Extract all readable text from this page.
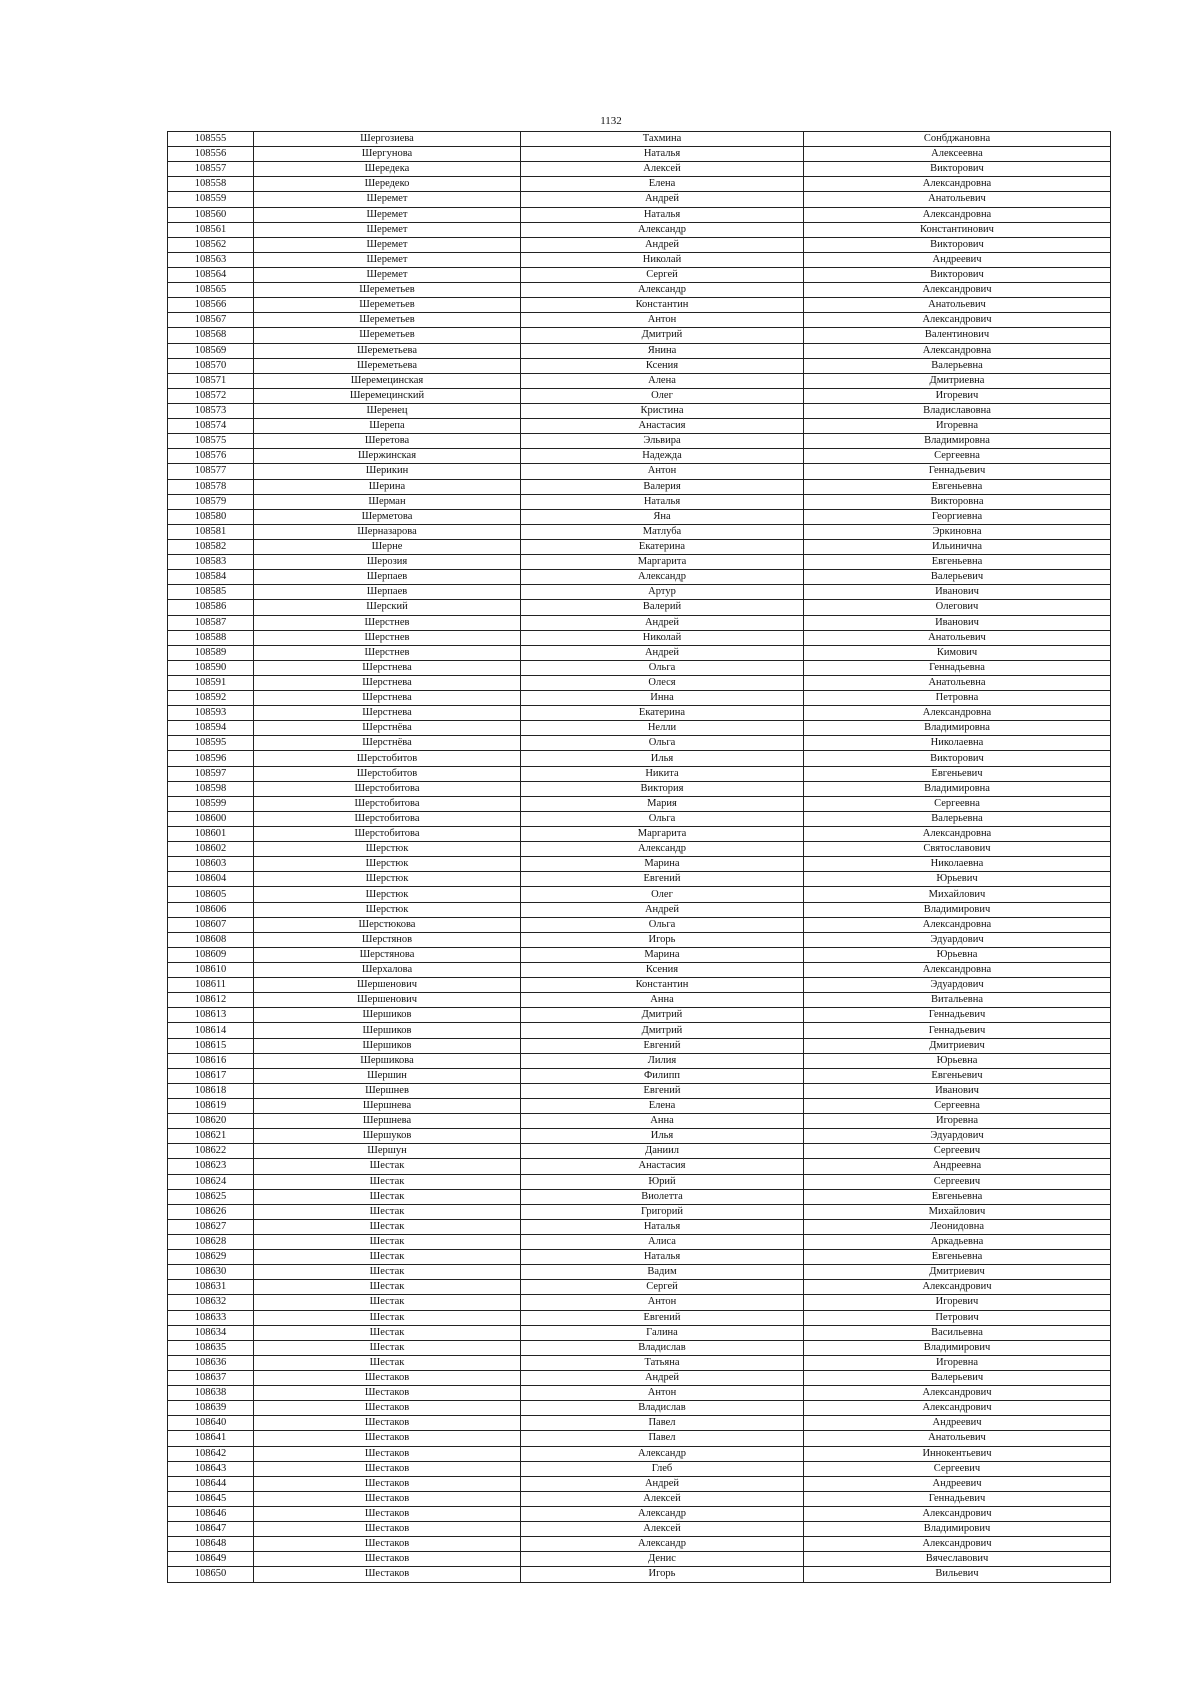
1132
108555	Шергозиева	Тахмина	Сонбджановна
108556	Шергунова	Наталья	Алексеевна
108557	Шередека	Алексей	Викторович
108558	Шередеко	Елена	Александровна
108559	Шеремет	Андрей	Анатольевич
108560	Шеремет	Наталья	Александровна
108561	Шеремет	Александр	Константинович
108562	Шеремет	Андрей	Викторович
108563	Шеремет	Николай	Андреевич
108564	Шеремет	Сергей	Викторович
108565	Шереметьев	Александр	Александрович
108566	Шереметьев	Константин	Анатольевич
108567	Шереметьев	Антон	Александрович
108568	Шереметьев	Дмитрий	Валентинович
108569	Шереметьева	Янина	Александровна
108570	Шереметьева	Ксения	Валерьевна
108571	Шеремецинская	Алена	Дмитриевна
108572	Шеремецинский	Олег	Игоревич
108573	Шеренец	Кристина	Владиславовна
108574	Шерепа	Анастасия	Игоревна
108575	Шеретова	Эльвира	Владимировна
108576	Шержинская	Надежда	Сергеевна
108577	Шерикин	Антон	Геннадьевич
108578	Шерина	Валерия	Евгеньевна
108579	Шерман	Наталья	Викторовна
108580	Шерметова	Яна	Георгиевна
108581	Шерназарова	Матлуба	Эркиновна
108582	Шерне	Екатерина	Ильинична
108583	Шерозия	Маргарита	Евгеньевна
108584	Шерпаев	Александр	Валерьевич
108585	Шерпаев	Артур	Иванович
108586	Шерский	Валерий	Олегович
108587	Шерстнев	Андрей	Иванович
108588	Шерстнев	Николай	Анатольевич
108589	Шерстнев	Андрей	Кимович
108590	Шерстнева	Ольга	Геннадьевна
108591	Шерстнева	Олеся	Анатольевна
108592	Шерстнева	Инна	Петровна
108593	Шерстнева	Екатерина	Александровна
108594	Шерстнёва	Нелли	Владимировна
108595	Шерстнёва	Ольга	Николаевна
108596	Шерстобитов	Илья	Викторович
108597	Шерстобитов	Никита	Евгеньевич
108598	Шерстобитова	Виктория	Владимировна
108599	Шерстобитова	Мария	Сергеевна
108600	Шерстобитова	Ольга	Валерьевна
108601	Шерстобитова	Маргарита	Александровна
108602	Шерстюк	Александр	Святославович
108603	Шерстюк	Марина	Николаевна
108604	Шерстюк	Евгений	Юрьевич
108605	Шерстюк	Олег	Михайлович
108606	Шерстюк	Андрей	Владимирович
108607	Шерстюкова	Ольга	Александровна
108608	Шерстянов	Игорь	Эдуардович
108609	Шерстянова	Марина	Юрьевна
108610	Шерхалова	Ксения	Александровна
108611	Шершенович	Константин	Эдуардович
108612	Шершенович	Анна	Витальевна
108613	Шершиков	Дмитрий	Геннадьевич
108614	Шершиков	Дмитрий	Геннадьевич
108615	Шершиков	Евгений	Дмитриевич
108616	Шершикова	Лилия	Юрьевна
108617	Шершин	Филипп	Евгеньевич
108618	Шершнев	Евгений	Иванович
108619	Шершнева	Елена	Сергеевна
108620	Шершнева	Анна	Игоревна
108621	Шершуков	Илья	Эдуардович
108622	Шершун	Даниил	Сергеевич
108623	Шестак	Анастасия	Андреевна
108624	Шестак	Юрий	Сергеевич
108625	Шестак	Виолетта	Евгеньевна
108626	Шестак	Григорий	Михайлович
108627	Шестак	Наталья	Леонидовна
108628	Шестак	Алиса	Аркадьевна
108629	Шестак	Наталья	Евгеньевна
108630	Шестак	Вадим	Дмитриевич
108631	Шестак	Сергей	Александрович
108632	Шестак	Антон	Игоревич
108633	Шестак	Евгений	Петрович
108634	Шестак	Галина	Васильевна
108635	Шестак	Владислав	Владимирович
108636	Шестак	Татьяна	Игоревна
108637	Шестаков	Андрей	Валерьевич
108638	Шестаков	Антон	Александрович
108639	Шестаков	Владислав	Александрович
108640	Шестаков	Павел	Андреевич
108641	Шестаков	Павел	Анатольевич
108642	Шестаков	Александр	Иннокентьевич
108643	Шестаков	Глеб	Сергеевич
108644	Шестаков	Андрей	Андреевич
108645	Шестаков	Алексей	Геннадьевич
108646	Шестаков	Александр	Александрович
108647	Шестаков	Алексей	Владимирович
108648	Шестаков	Александр	Александрович
108649	Шестаков	Денис	Вячеславович
108650	Шестаков	Игорь	Вильевич
